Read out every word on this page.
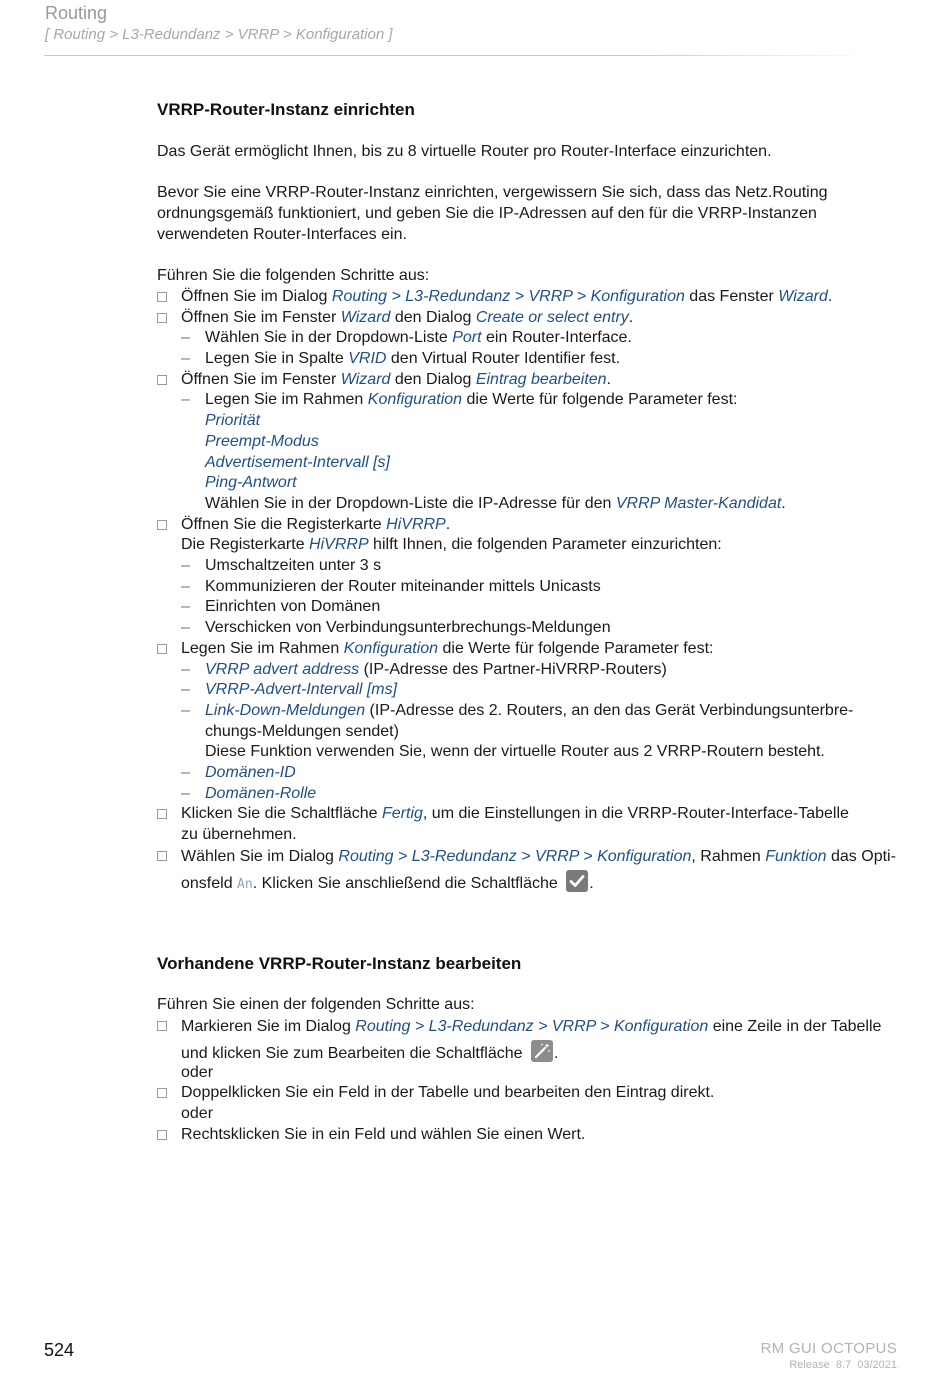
Routing
[ Routing > L3-Redundanz > VRRP > Konfiguration ]
VRRP-Router-Instanz einrichten

Das Gerät ermöglicht Ihnen, bis zu 8 virtuelle Router pro Router-Interface einzurichten.

Bevor Sie eine VRRP-Router-Instanz einrichten, vergewissern Sie sich, dass das Netz.Routing
ordnungsgemäß funktioniert, und geben Sie die IP-Adressen auf den für die VRRP-Instanzen
verwendeten Router-Interfaces ein.

Führen Sie die folgenden Schritte aus:

Öffnen Sie im Dialog Routing > L3-Redundanz > VRRP > Konfiguration das Fenster Wizard.
Öffnen Sie im Fenster Wizard den Dialog Create or select entry.
– Wählen Sie in der Dropdown-Liste Port ein Router-Interface.
– Legen Sie in Spalte VRID den Virtual Router Identifier fest.
Öffnen Sie im Fenster Wizard den Dialog Eintrag bearbeiten.
– Legen Sie im Rahmen Konfiguration die Werte für folgende Parameter fest:
Priorität
Preempt-Modus
Advertisement-Intervall [s]
Ping-Antwort
Wählen Sie in der Dropdown-Liste die IP-Adresse für den VRRP Master-Kandidat.
Öffnen Sie die Registerkarte HiVRRP.
Die Registerkarte HiVRRP hilft Ihnen, die folgenden Parameter einzurichten:
– Umschaltzeiten unter 3 s
– Kommunizieren der Router miteinander mittels Unicasts
– Einrichten von Domänen
– Verschicken von Verbindungsunterbrechungs-Meldungen
Legen Sie im Rahmen Konfiguration die Werte für folgende Parameter fest:
– VRRP advert address (IP-Adresse des Partner-HiVRRP-Routers)
– VRRP-Advert-Intervall [ms]
– Link-Down-Meldungen (IP-Adresse des 2. Routers, an den das Gerät Verbindungsunterbre-
chungs-Meldungen sendet)
Diese Funktion verwenden Sie, wenn der virtuelle Router aus 2 VRRP-Routern besteht.
– Domänen-ID
– Domänen-Rolle
Klicken Sie die Schaltfläche Fertig, um die Einstellungen in die VRRP-Router-Interface-Tabelle
zu übernehmen.
Wählen Sie im Dialog Routing > L3-Redundanz > VRRP > Konfiguration, Rahmen Funktion das Opti-
onsfeld An. Klicken Sie anschließend die Schaltfläche
.
Vorhandene VRRP-Router-Instanz bearbeiten

Führen Sie einen der folgenden Schritte aus:

Markieren Sie im Dialog Routing > L3-Redundanz > VRRP > Konfiguration eine Zeile in der Tabelle
und klicken Sie zum Bearbeiten die Schaltfläche
.
oder
Doppelklicken Sie ein Feld in der Tabelle und bearbeiten den Eintrag direkt.
oder
Rechtsklicken Sie in ein Feld und wählen Sie einen Wert.
524	RM GUI OCTOPUS
Release  8.7  03/2021
